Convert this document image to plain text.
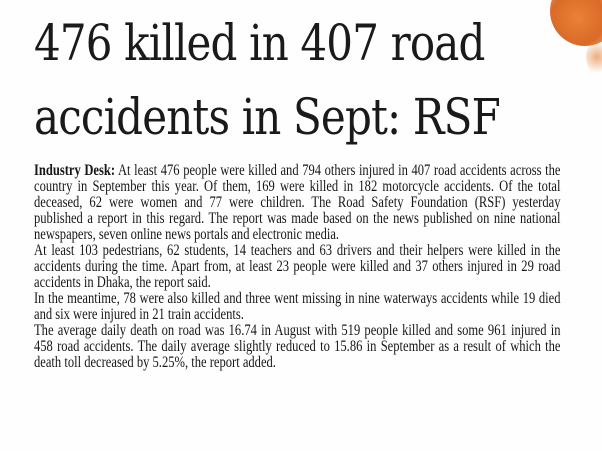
476 killed in 407 road
accidents in Sept: RSF

Industry Desk: At least 476 people were killed and 794 others injured in 407 road accidents across the country in September this year. Of them, 169 were killed in 182 motorcycle accidents. Of the total deceased, 62 were women and 77 were children. The Road Safety Foundation (RSF) yesterday published a report in this regard. The report was made based on the news published on nine national newspapers, seven online news portals and electronic media.

At least 103 pedestrians, 62 students, 14 teachers and 63 drivers and their helpers were killed in the accidents during the time. Apart from, at least 23 people were killed and 37 others injured in 29 road accidents in Dhaka, the report said.

In the meantime, 78 were also killed and three went missing in nine waterways accidents while 19 died and six were injured in 21 train accidents.

The average daily death on road was 16.74 in August with 519 people killed and some 961 injured in 458 road accidents. The daily average slightly reduced to 15.86 in September as a result of which the death toll decreased by 5.25%, the report added.
